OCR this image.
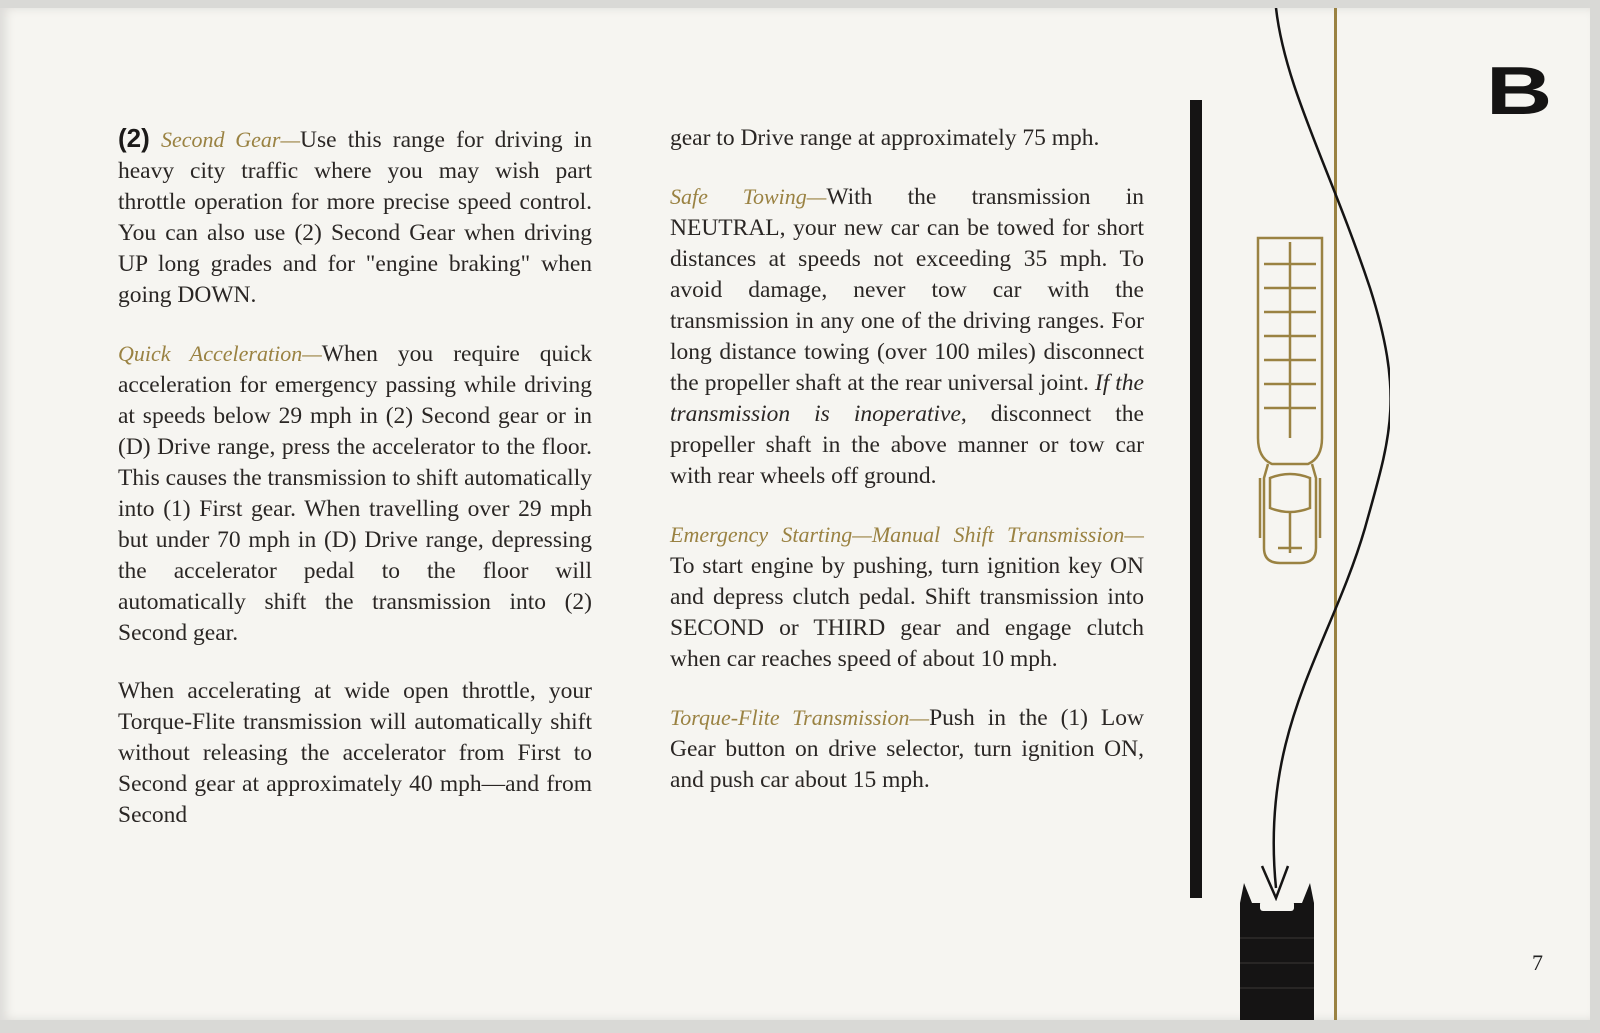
(2) Second Gear—Use this range for driving in heavy city traffic where you may wish part throttle operation for more precise speed control. You can also use (2) Second Gear when driving UP long grades and for "engine braking" when going DOWN.

Quick Acceleration—When you require quick acceleration for emergency passing while driving at speeds below 29 mph in (2) Second gear or in (D) Drive range, press the accelerator to the floor. This causes the transmission to shift automatically into (1) First gear. When travelling over 29 mph but under 70 mph in (D) Drive range, depressing the accelerator pedal to the floor will automatically shift the transmission into (2) Second gear.

When accelerating at wide open throttle, your Torque-Flite transmission will automatically shift without releasing the accelerator from First to Second gear at approximately 40 mph—and from Second

gear to Drive range at approximately 75 mph.

Safe Towing—With the transmission in NEUTRAL, your new car can be towed for short distances at speeds not exceeding 35 mph. To avoid damage, never tow car with the transmission in any one of the driving ranges. For long distance towing (over 100 miles) disconnect the propeller shaft at the rear universal joint. If the transmission is inoperative, disconnect the propeller shaft in the above manner or tow car with rear wheels off ground.

Emergency Starting—Manual Shift Transmission—To start engine by pushing, turn ignition key ON and depress clutch pedal. Shift transmission into SECOND or THIRD gear and engage clutch when car reaches speed of about 10 mph.

Torque-Flite Transmission—Push in the (1) Low Gear button on drive selector, turn ignition ON, and push car about 15 mph.

B
7
